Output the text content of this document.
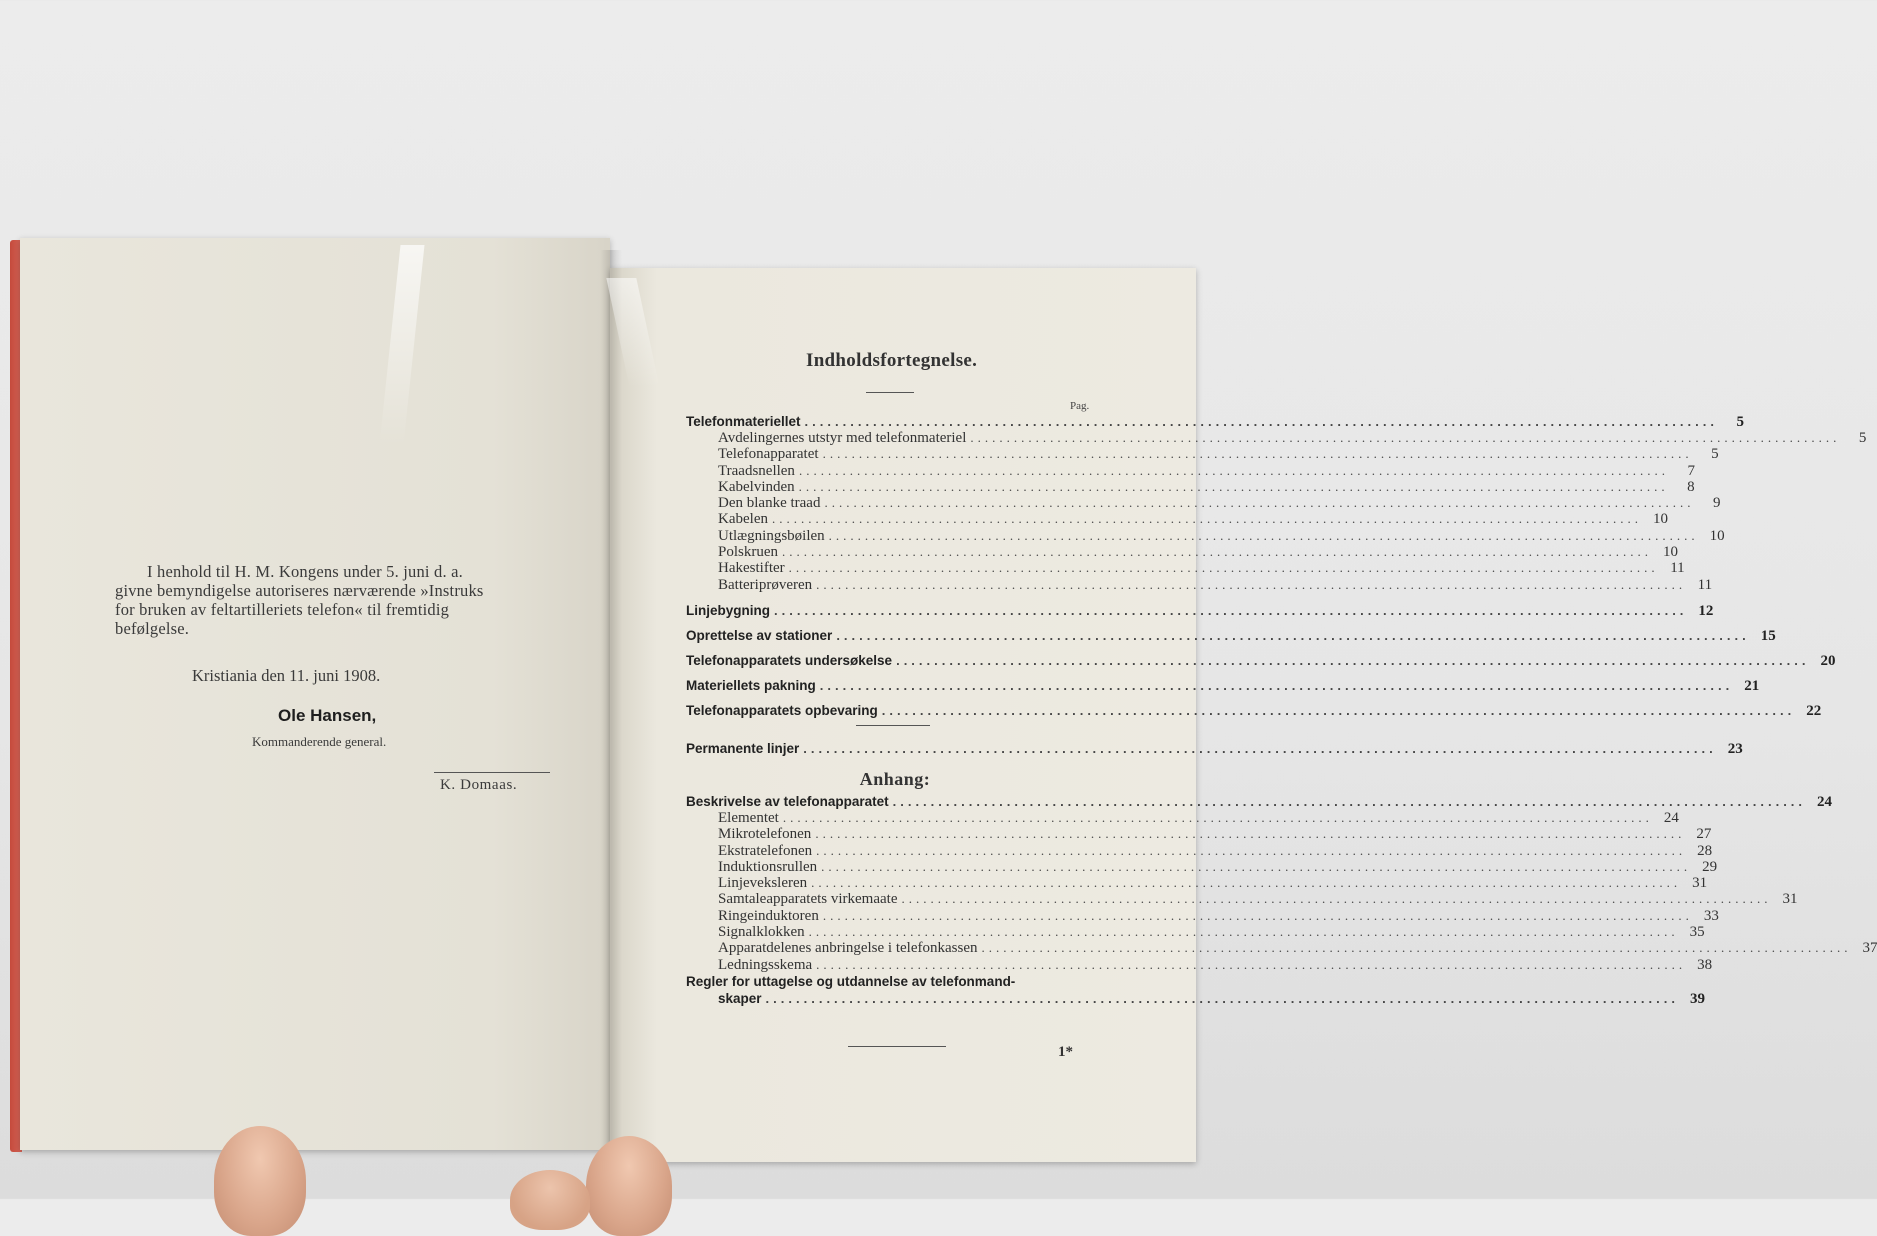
I henhold til H. M. Kongens under 5. juni d. a.
givne bemyndigelse autoriseres nærværende »Instruks
for bruken av feltartilleriets telefon« til fremtidig
befølgelse.
Kristiania den 11. juni 1908.
Ole Hansen,
Kommanderende general.
K. Domaas.
Indholdsfortegnelse.
Pag.
Telefonmateriellet ........................................................................................................................	5
Avdelingernes utstyr med telefonmateriel ........................................................................................................................	5
Telefonapparatet ........................................................................................................................	5
Traadsnellen ........................................................................................................................	7
Kabelvinden ........................................................................................................................	8
Den blanke traad ........................................................................................................................	9
Kabelen ........................................................................................................................ 10
Utlægningsbøilen ........................................................................................................................ 10
Polskruen ........................................................................................................................ 10
Hakestifter ........................................................................................................................ 11
Batteriprøveren ........................................................................................................................ 11
Linjebygning ........................................................................................................................ 12
Oprettelse av stationer ........................................................................................................................ 15
Telefonapparatets undersøkelse ........................................................................................................................ 20
Materiellets pakning ........................................................................................................................ 21
Telefonapparatets opbevaring ........................................................................................................................ 22
Permanente linjer ........................................................................................................................ 23
Anhang:
Beskrivelse av telefonapparatet ........................................................................................................................ 24
Elementet ........................................................................................................................ 24
Mikrotelefonen ........................................................................................................................ 27
Ekstratelefonen ........................................................................................................................ 28
Induktionsrullen ........................................................................................................................ 29
Linjeveksleren ........................................................................................................................ 31
Samtaleapparatets virkemaate ........................................................................................................................ 31
Ringeinduktoren ........................................................................................................................ 33
Signalklokken ........................................................................................................................ 35
Apparatdelenes anbringelse i telefonkassen ........................................................................................................................ 37
Ledningsskema ........................................................................................................................ 38
Regler for uttagelse og utdannelse av telefonmand-
skaper ........................................................................................................................ 39
1*
